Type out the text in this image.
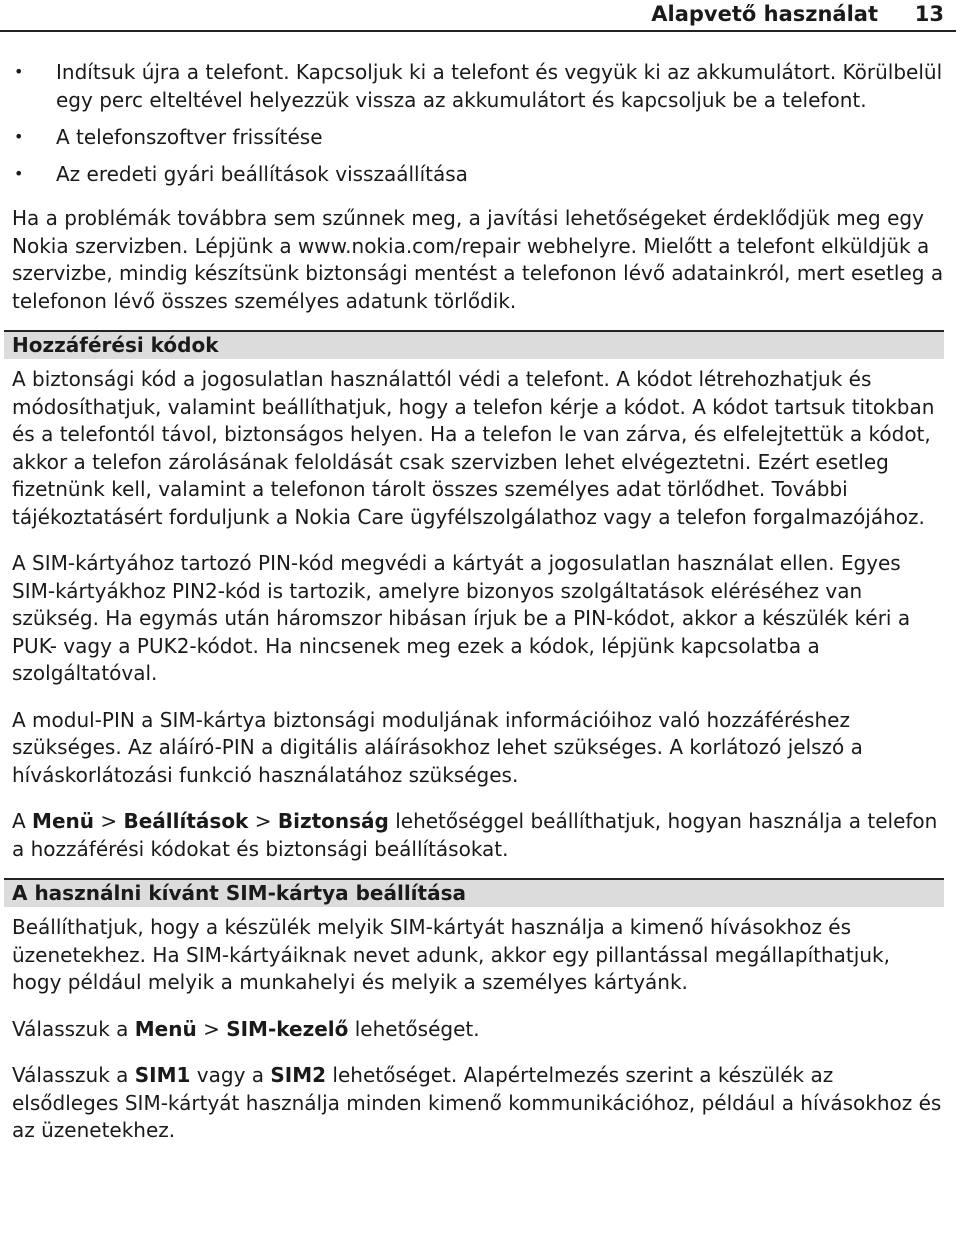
Alapvető használat 13
• Indítsuk újra a telefont. Kapcsoljuk ki a telefont és vegyük ki az akkumulátort. Körülbelül egy perc elteltével helyezzük vissza az akkumulátort és kapcsoljuk be a telefont.
• A telefonszoftver frissítése
• Az eredeti gyári beállítások visszaállítása

Ha a problémák továbbra sem szűnnek meg, a javítási lehetőségeket érdeklődjük meg egy Nokia szervizben. Lépjünk a www.nokia.com/repair webhelyre. Mielőtt a telefont elküldjük a szervizbe, mindig készítsünk biztonsági mentést a telefonon lévő adatainkról, mert esetleg a telefonon lévő összes személyes adatunk törlődik.

Hozzáférési kódok

A biztonsági kód a jogosulatlan használattól védi a telefont. A kódot létrehozhatjuk és módosíthatjuk, valamint beállíthatjuk, hogy a telefon kérje a kódot. A kódot tartsuk titokban és a telefontól távol, biztonságos helyen. Ha a telefon le van zárva, és elfelejtettük a kódot, akkor a telefon zárolásának feloldását csak szervizben lehet elvégeztetni. Ezért esetleg fizetnünk kell, valamint a telefonon tárolt összes személyes adat törlődhet. További tájékoztatásért forduljunk a Nokia Care ügyfélszolgálathoz vagy a telefon forgalmazójához.

A SIM-kártyához tartozó PIN-kód megvédi a kártyát a jogosulatlan használat ellen. Egyes SIM-kártyákhoz PIN2-kód is tartozik, amelyre bizonyos szolgáltatások eléréséhez van szükség. Ha egymás után háromszor hibásan írjuk be a PIN-kódot, akkor a készülék kéri a PUK- vagy a PUK2-kódot. Ha nincsenek meg ezek a kódok, lépjünk kapcsolatba a szolgáltatóval.

A modul-PIN a SIM-kártya biztonsági moduljának információihoz való hozzáféréshez szükséges. Az aláíró-PIN a digitális aláírásokhoz lehet szükséges. A korlátozó jelszó a híváskorlátozási funkció használatához szükséges.

A Menü > Beállítások > Biztonság lehetőséggel beállíthatjuk, hogyan használja a telefon a hozzáférési kódokat és biztonsági beállításokat.

A használni kívánt SIM-kártya beállítása

Beállíthatjuk, hogy a készülék melyik SIM-kártyát használja a kimenő hívásokhoz és üzenetekhez. Ha SIM-kártyáiknak nevet adunk, akkor egy pillantással megállapíthatjuk, hogy például melyik a munkahelyi és melyik a személyes kártyánk.

Válasszuk a Menü > SIM-kezelő lehetőséget.

Válasszuk a SIM1 vagy a SIM2 lehetőséget. Alapértelmezés szerint a készülék az elsődleges SIM-kártyát használja minden kimenő kommunikációhoz, például a hívásokhoz és az üzenetekhez.
